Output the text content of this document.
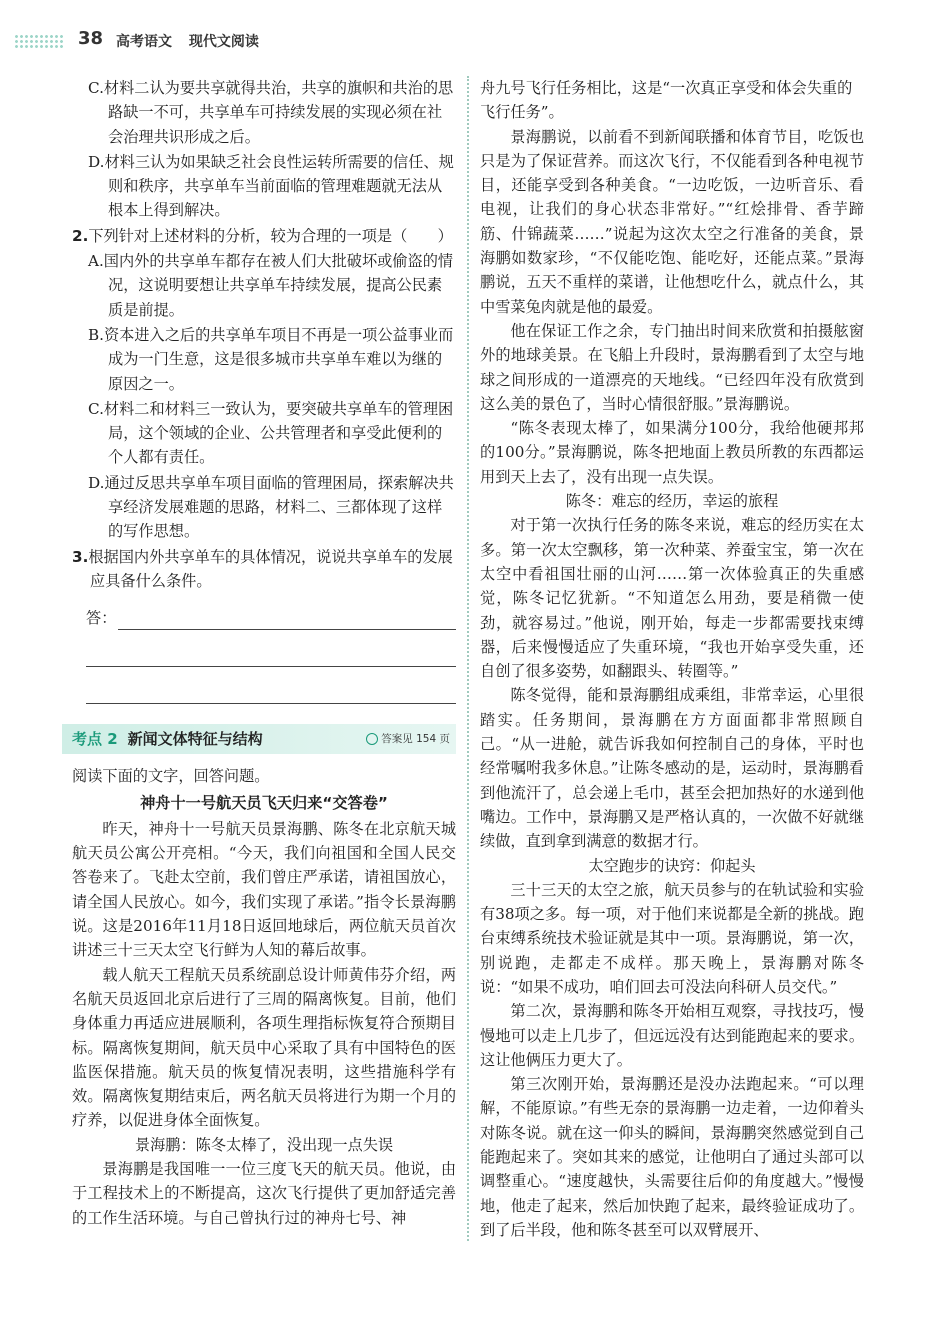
38 高考语文 现代文阅读

C.材料二认为要共享就得共治，共享的旗帜和共治的思路缺一不可，共享单车可持续发展的实现必须在社会治理共识形成之后。

D.材料三认为如果缺乏社会良性运转所需要的信任、规则和秩序，共享单车当前面临的管理难题就无法从根本上得到解决。

2.下列针对上述材料的分析，较为合理的一项是（　　）

A.国内外的共享单车都存在被人们大批破坏或偷盗的情况，这说明要想让共享单车持续发展，提高公民素质是前提。

B.资本进入之后的共享单车项目不再是一项公益事业而成为一门生意，这是很多城市共享单车难以为继的原因之一。

C.材料二和材料三一致认为，要突破共享单车的管理困局，这个领域的企业、公共管理者和享受此便利的个人都有责任。

D.通过反思共享单车项目面临的管理困局，探索解决共享经济发展难题的思路，材料二、三都体现了这样的写作思想。

3.根据国内外共享单车的具体情况，说说共享单车的发展应具备什么条件。

答：
考点 2 新闻文体特征与结构	答案见 154 页

阅读下面的文字，回答问题。

神舟十一号航天员飞天归来“交答卷”

昨天，神舟十一号航天员景海鹏、陈冬在北京航天城航天员公寓公开亮相。“今天，我们向祖国和全国人民交答卷来了。飞赴太空前，我们曾庄严承诺，请祖国放心，请全国人民放心。如今，我们实现了承诺。”指令长景海鹏说。这是2016年11月18日返回地球后，两位航天员首次讲述三十三天太空飞行鲜为人知的幕后故事。

载人航天工程航天员系统副总设计师黄伟芬介绍，两名航天员返回北京后进行了三周的隔离恢复。目前，他们身体重力再适应进展顺利，各项生理指标恢复符合预期目标。隔离恢复期间，航天员中心采取了具有中国特色的医监医保措施。航天员的恢复情况表明，这些措施科学有效。隔离恢复期结束后，两名航天员将进行为期一个月的疗养，以促进身体全面恢复。

景海鹏：陈冬太棒了，没出现一点失误

景海鹏是我国唯一一位三度飞天的航天员。他说，由于工程技术上的不断提高，这次飞行提供了更加舒适完善的工作生活环境。与自己曾执行过的神舟七号、神

舟九号飞行任务相比，这是“一次真正享受和体会失重的飞行任务”。

景海鹏说，以前看不到新闻联播和体育节目，吃饭也只是为了保证营养。而这次飞行，不仅能看到各种电视节目，还能享受到各种美食。“一边吃饭，一边听音乐、看电视，让我们的身心状态非常好。”“红烩排骨、香芋蹄筋、什锦蔬菜……”说起为这次太空之行准备的美食，景海鹏如数家珍，“不仅能吃饱、能吃好，还能点菜。”景海鹏说，五天不重样的菜谱，让他想吃什么，就点什么，其中雪菜兔肉就是他的最爱。

他在保证工作之余，专门抽出时间来欣赏和拍摄舷窗外的地球美景。在飞船上升段时，景海鹏看到了太空与地球之间形成的一道漂亮的天地线。“已经四年没有欣赏到这么美的景色了，当时心情很舒服。”景海鹏说。

“陈冬表现太棒了，如果满分100分，我给他硬邦邦的100分。”景海鹏说，陈冬把地面上教员所教的东西都运用到天上去了，没有出现一点失误。

陈冬：难忘的经历，幸运的旅程

对于第一次执行任务的陈冬来说，难忘的经历实在太多。第一次太空飘移，第一次种菜、养蚕宝宝，第一次在太空中看祖国壮丽的山河……第一次体验真正的失重感觉，陈冬记忆犹新。“不知道怎么用劲，要是稍微一使劲，就容易过。”他说，刚开始，每走一步都需要找束缚器，后来慢慢适应了失重环境，“我也开始享受失重，还自创了很多姿势，如翻跟头、转圈等。”

陈冬觉得，能和景海鹏组成乘组，非常幸运，心里很踏实。任务期间，景海鹏在方方面面都非常照顾自己。“从一进舱，就告诉我如何控制自己的身体，平时也经常嘱咐我多休息。”让陈冬感动的是，运动时，景海鹏看到他流汗了，总会递上毛巾，甚至会把加热好的水递到他嘴边。工作中，景海鹏又是严格认真的，一次做不好就继续做，直到拿到满意的数据才行。

太空跑步的诀窍：仰起头

三十三天的太空之旅，航天员参与的在轨试验和实验有38项之多。每一项，对于他们来说都是全新的挑战。跑台束缚系统技术验证就是其中一项。景海鹏说，第一次，别说跑，走都走不成样。那天晚上，景海鹏对陈冬说：“如果不成功，咱们回去可没法向科研人员交代。”

第二次，景海鹏和陈冬开始相互观察，寻找技巧，慢慢地可以走上几步了，但远远没有达到能跑起来的要求。这让他俩压力更大了。

第三次刚开始，景海鹏还是没办法跑起来。“可以理解，不能原谅。”有些无奈的景海鹏一边走着，一边仰着头对陈冬说。就在这一仰头的瞬间，景海鹏突然感觉到自己能跑起来了。突如其来的感觉，让他明白了通过头部可以调整重心。“速度越快，头需要往后仰的角度越大。”慢慢地，他走了起来，然后加快跑了起来，最终验证成功了。到了后半段，他和陈冬甚至可以双臂展开、
